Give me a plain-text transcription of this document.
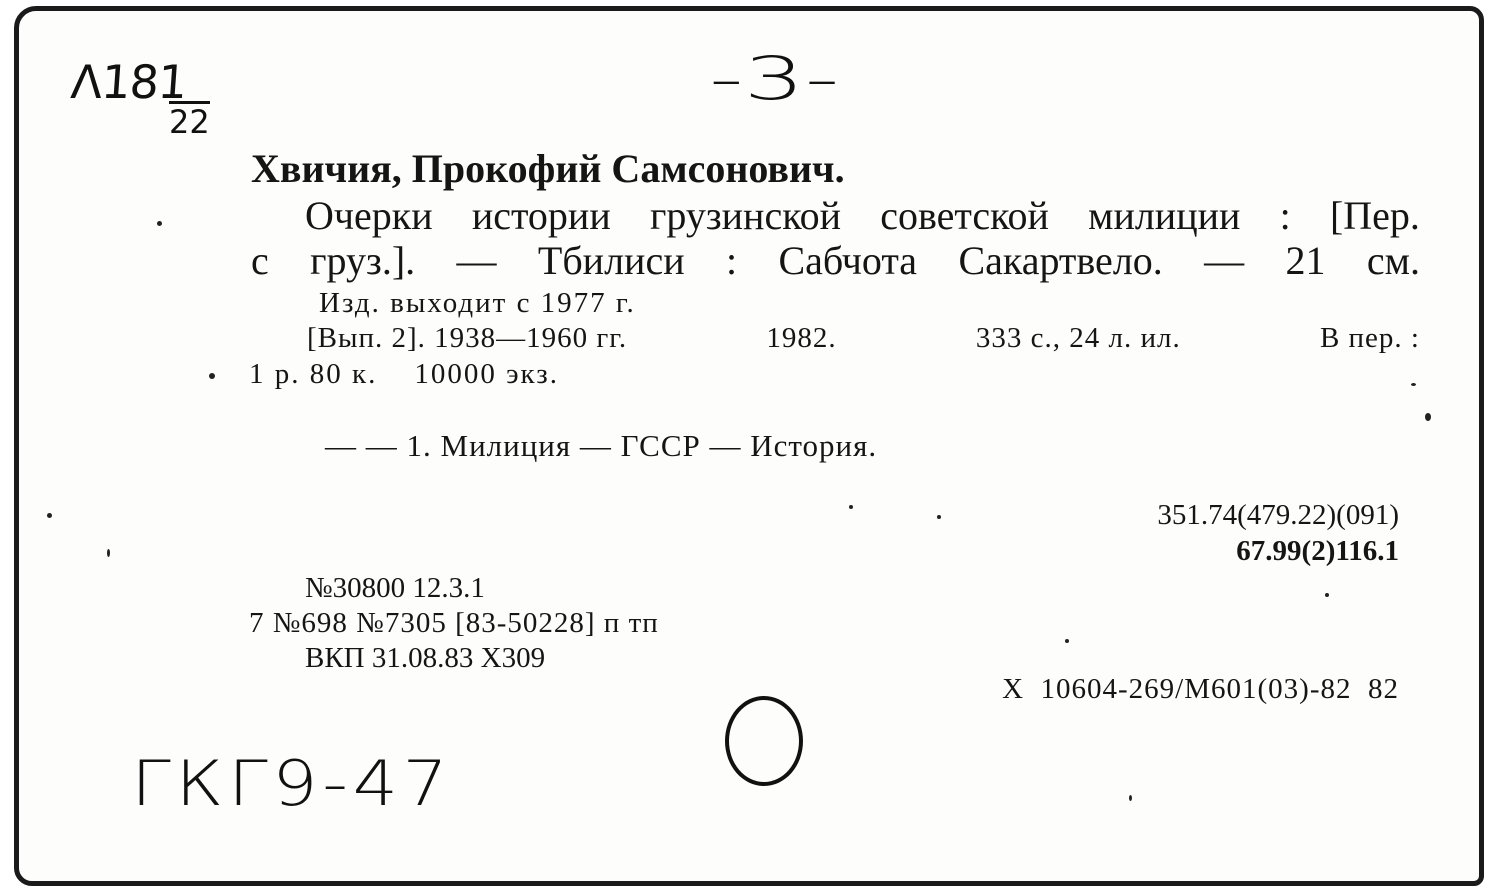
Λ181
22
-3-
Хвичия, Прокофий Самсонович.
Очерки истории грузинской советской милиции : [Пер.
с груз.]. — Тбилиси : Сабчота Сакартвело. — 21 см.
Изд. выходит с 1977 г.
[Вып. 2]. 1938—1960 гг.	1982.	333 с., 24 л. ил.	В пер. :
1 р. 80 к.    10000 экз.
— — 1. Милиция — ГССР — История.
351.74(479.22)(091)
67.99(2)116.1
№30800 12.3.1
7 №698 №7305 [83-50228] п тп
ВКП 31.08.83 Х309
Х  10604-269/М601(03)-82  82
ГКГ9-47
